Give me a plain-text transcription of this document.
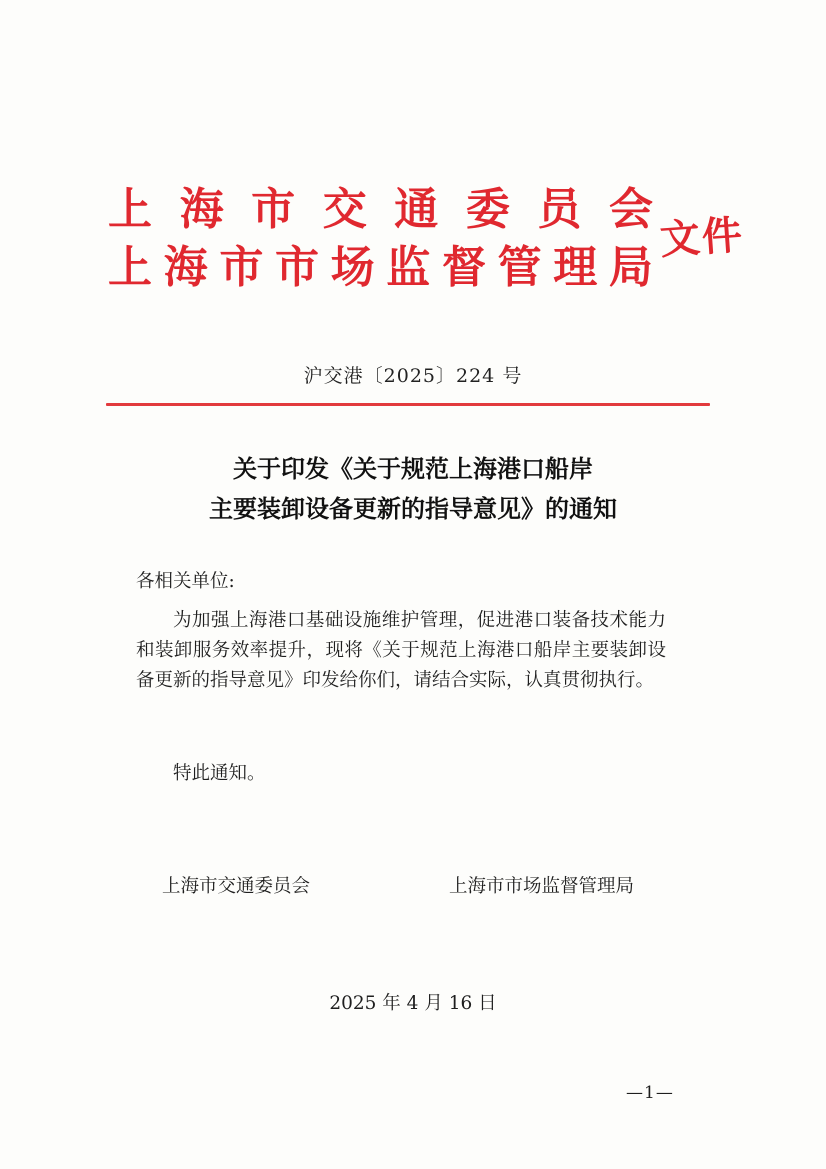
上 海 市 交 通 委 员 会
上 海 市 市 场 监 督 管 理 局
文件
沪交港〔2025〕224 号
关于印发《关于规范上海港口船岸
主要装卸设备更新的指导意见》的通知
各相关单位:
为加强上海港口基础设施维护管理，促进港口装备技术能力和装卸服务效率提升，现将《关于规范上海港口船岸主要装卸设备更新的指导意见》印发给你们，请结合实际，认真贯彻执行。
特此通知。
上海市交通委员会	上海市市场监督管理局
2025 年 4 月 16 日
—1—
